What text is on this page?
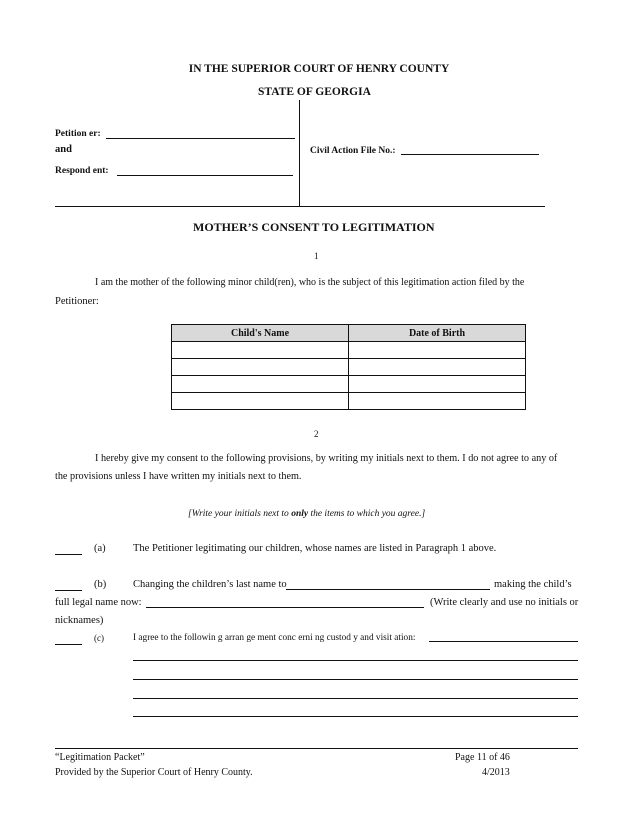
IN THE SUPERIOR COURT OF HENRY COUNTY
STATE OF GEORGIA
Petition er:
and
Respond ent:
Civil Action File No.:
MOTHER’S CONSENT TO LEGITIMATION
1
I am the mother of the following minor child(ren), who is the subject of this legitimation action filed by the
Petitioner:
Child's Name	Date of Birth

2
I hereby give my consent to the following provisions, by writing my initials next to them. I do not agree to any of
the provisions unless I have written my initials next to them.
[Write your initials next to only the items to which you agree.]
(a)	The Petitioner legitimating our children, whose names are listed in Paragraph 1 above.
(b)	Changing the children’s last name to	making the child’s
full legal name now:	(Write clearly and use no initials or
nicknames)
(c)	I agree to the followin g arran ge ment conc erni ng custod y and visit ation:
“Legitimation Packet”
Provided by the Superior Court of Henry County.
Page 11 of 46
4/2013
